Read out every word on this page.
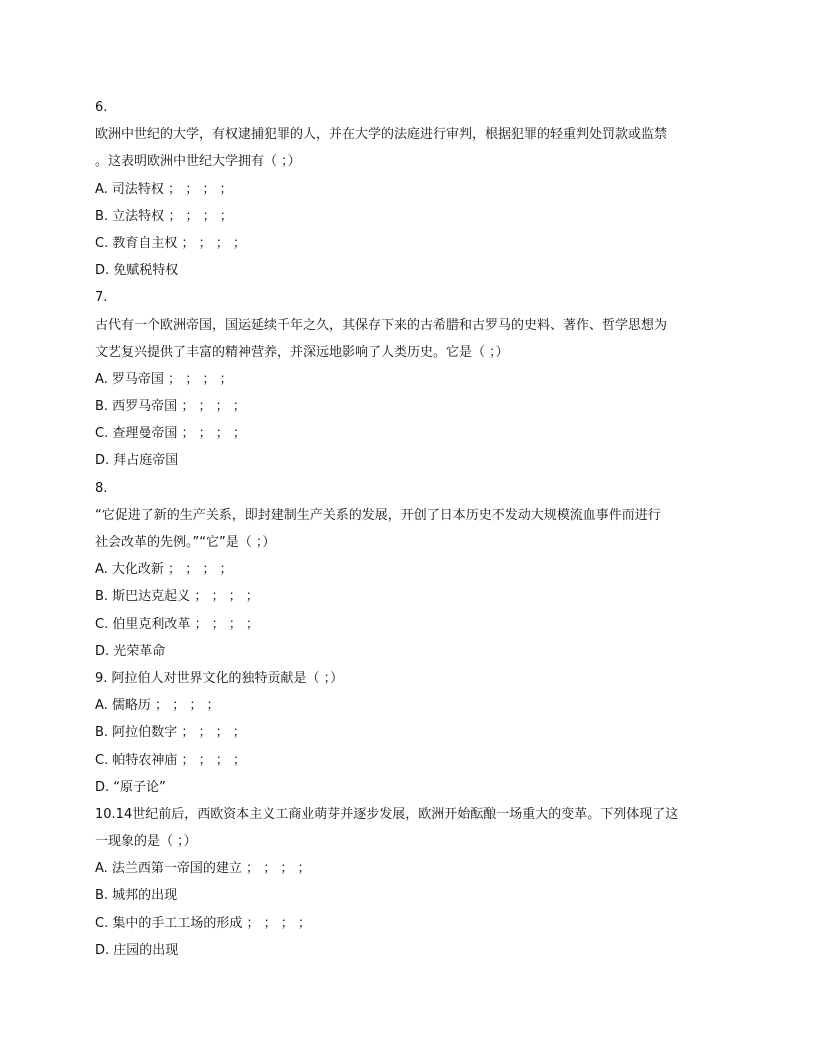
6.
欧洲中世纪的大学，有权逮捕犯罪的人，并在大学的法庭进行审判，根据犯罪的轻重判处罚款或监禁
。这表明欧洲中世纪大学拥有（ ；）
A. 司法特权 ； ； ； ；
B. 立法特权 ； ； ； ；
C. 教育自主权 ； ； ； ；
D. 免赋税特权
7.
古代有一个欧洲帝国，国运延续千年之久，其保存下来的古希腊和古罗马的史料、著作、哲学思想为
文艺复兴提供了丰富的精神营养，并深远地影响了人类历史。它是（ ；）
A. 罗马帝国 ； ； ； ；
B. 西罗马帝国 ； ； ； ；
C. 查理曼帝国 ； ； ； ；
D. 拜占庭帝国
8.
“它促进了新的生产关系，即封建制生产关系的发展，开创了日本历史不发动大规模流血事件而进行
社会改革的先例。”“它”是（ ；）
A. 大化改新 ； ； ； ；
B. 斯巴达克起义 ； ； ； ；
C. 伯里克利改革 ； ； ； ；
D. 光荣革命
9. 阿拉伯人对世界文化的独特贡献是（ ；）
A. 儒略历 ； ； ； ；
B. 阿拉伯数字 ； ； ； ；
C. 帕特农神庙 ； ； ； ；
D. “原子论”
10.14世纪前后，西欧资本主义工商业萌芽并逐步发展，欧洲开始酝酿一场重大的变革。下列体现了这
一现象的是（ ；）
A. 法兰西第一帝国的建立 ； ； ； ；
B. 城邦的出现
C. 集中的手工工场的形成 ； ； ； ；
D. 庄园的出现
